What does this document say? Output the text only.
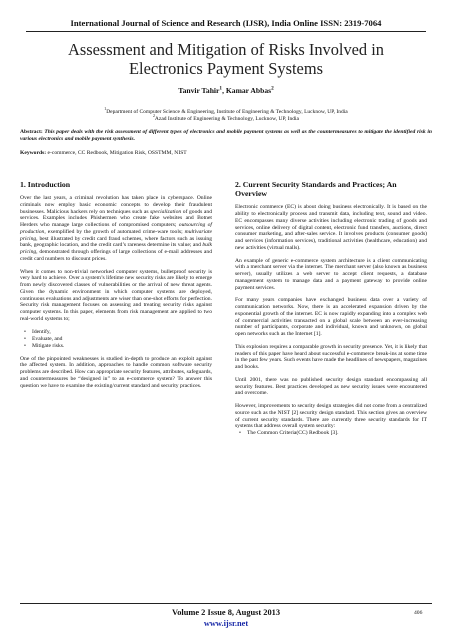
International Journal of Science and Research (IJSR), India Online ISSN: 2319-7064
Assessment and Mitigation of Risks Involved in Electronics Payment Systems
Tanvir Tahir$^1$, Kamar Abbas$^2$
$^1$Department of Computer Science & Engineering, Institute of Engineering & Technology, Lucknow, UP, India
$^2$Azad Institute of Engineering & Technology, Lucknow, UP, India
Abstract: This paper deals with the risk assessment of different types of electronics and mobile payment systems as well as the countermeasures to mitigate the identified risk in various electronics and mobile payment synthesis.
Keywords: e-commerce, CC Redbook, Mitigation Risk, OSSTMM, NIST
1. Introduction

Over the last years, a criminal revolution has taken place in cyberspace. Online criminals now employ basic economic concepts to develop their fraudulent businesses. Malicious hackers rely on techniques such as specialization of goods and services. Examples includes Phishermen who create fake websites and Botnet Herders who manage large collections of compromised computers; outsourcing of production, exemplified by the growth of automated crime-ware tools; multivariate pricing, best illustrated by credit card fraud schemes, where factors such as issuing bank, geographic location, and the credit card’s rareness determine its value; and bulk pricing, demonstrated through offerings of large collections of e-mail addresses and credit card numbers to discount prices.

When it comes to non-trivial networked computer systems, bulletproof security is very hard to achieve. Over a system’s lifetime new security risks are likely to emerge from newly discovered classes of vulnerabilities or the arrival of new threat agents. Given the dynamic environment in which computer systems are deployed, continuous evaluations and adjustments are wiser than one-shot efforts for perfection. Security risk management focuses on assessing and treating security risks against computer systems. In this paper, elements from risk management are applied to two real-world systems to;

• Identify,
• Evaluate, and
• Mitigate risks.

One of the pinpointed weaknesses is studied in-depth to produce an exploit against the affected system. In addition, approaches to handle common software security problems are described. How can appropriate security features, attributes, safeguards, and countermeasures be “designed in” to an e-commerce system? To answer this question we have to examine the existing/current standard and security practices.

2. Current Security Standards and Practices; An Overview

Electronic commerce (EC) is about doing business electronically. It is based on the ability to electronically process and transmit data, including text, sound and video. EC encompasses many diverse activities including electronic trading of goods and services, online delivery of digital content, electronic fund transfers, auctions, direct consumer marketing, and after-sales service. It involves products (consumer goods) and services (information services), traditional activities (healthcare, education) and new activities (virtual malls).

An example of generic e-commerce system architecture is a client communicating with a merchant server via the internet. The merchant server (also known as business server), usually utilizes a web server to accept client requests, a database management system to manage data and a payment gateway to provide online payment services.

For many years companies have exchanged business data over a variety of communication networks. Now, there is an accelerated expansion driven by the exponential growth of the internet. EC is now rapidly expanding into a complex web of commercial activities transacted on a global scale between an ever-increasing number of participants, corporate and individual, known and unknown, on global open networks such as the Internet [1].

This explosion requires a comparable growth in security presence. Yet, it is likely that readers of this paper have heard about successful e-commerce break-ins at some time in the past few years. Such events have made the headlines of newspapers, magazines and books.

Until 2001, there was no published security design standard encompassing all security features. Best practices developed as new security issues were encountered and overcome.

However, improvements to security design strategies did not come from a centralized source such as the NIST [2] security design standard. This section gives an overview of current security standards. There are currently three security standards for IT systems that address overall system security:

• The Common Criteria(CC) Redbook [3].
Volume 2 Issue 8, August 2013
www.ijsr.net
406
